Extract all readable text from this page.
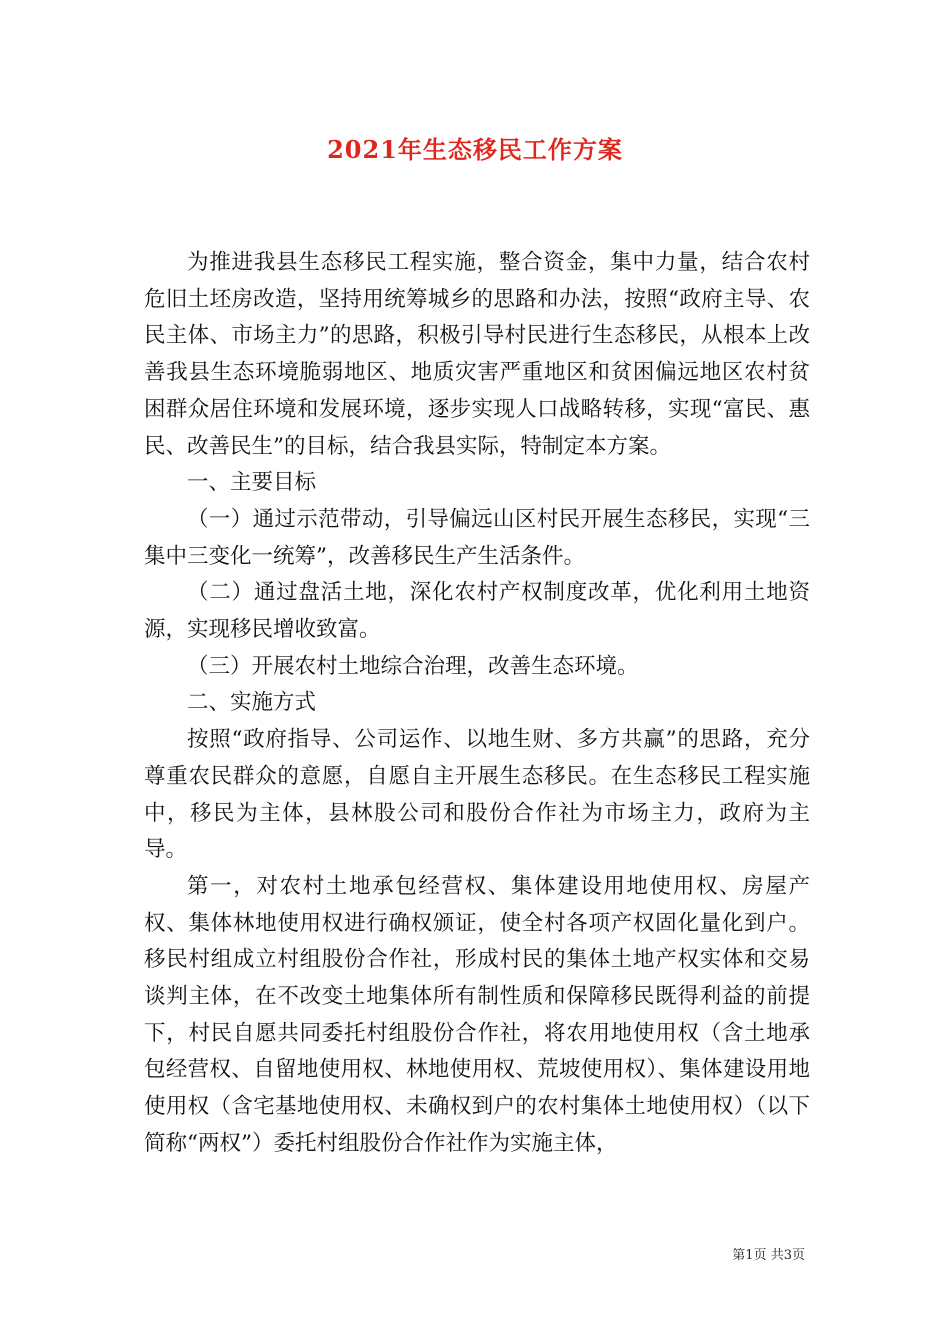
2021年生态移民工作方案

为推进我县生态移民工程实施，整合资金，集中力量，结合农村危旧土坯房改造，坚持用统筹城乡的思路和办法，按照“政府主导、农民主体、市场主力”的思路，积极引导村民进行生态移民，从根本上改善我县生态环境脆弱地区、地质灾害严重地区和贫困偏远地区农村贫困群众居住环境和发展环境，逐步实现人口战略转移，实现“富民、惠民、改善民生”的目标，结合我县实际，特制定本方案。

一、主要目标

（一）通过示范带动，引导偏远山区村民开展生态移民，实现“三集中三变化一统筹”，改善移民生产生活条件。

（二）通过盘活土地，深化农村产权制度改革，优化利用土地资源，实现移民增收致富。

（三）开展农村土地综合治理，改善生态环境。

二、实施方式

按照“政府指导、公司运作、以地生财、多方共赢”的思路，充分尊重农民群众的意愿，自愿自主开展生态移民。在生态移民工程实施中，移民为主体，县林股公司和股份合作社为市场主力，政府为主导。

第一，对农村土地承包经营权、集体建设用地使用权、房屋产权、集体林地使用权进行确权颁证，使全村各项产权固化量化到户。移民村组成立村组股份合作社，形成村民的集体土地产权实体和交易谈判主体，在不改变土地集体所有制性质和保障移民既得利益的前提下，村民自愿共同委托村组股份合作社，将农用地使用权（含土地承包经营权、自留地使用权、林地使用权、荒坡使用权）、集体建设用地使用权（含宅基地使用权、未确权到户的农村集体土地使用权）（以下简称“两权”）委托村组股份合作社作为实施主体，

第1页 共3页
